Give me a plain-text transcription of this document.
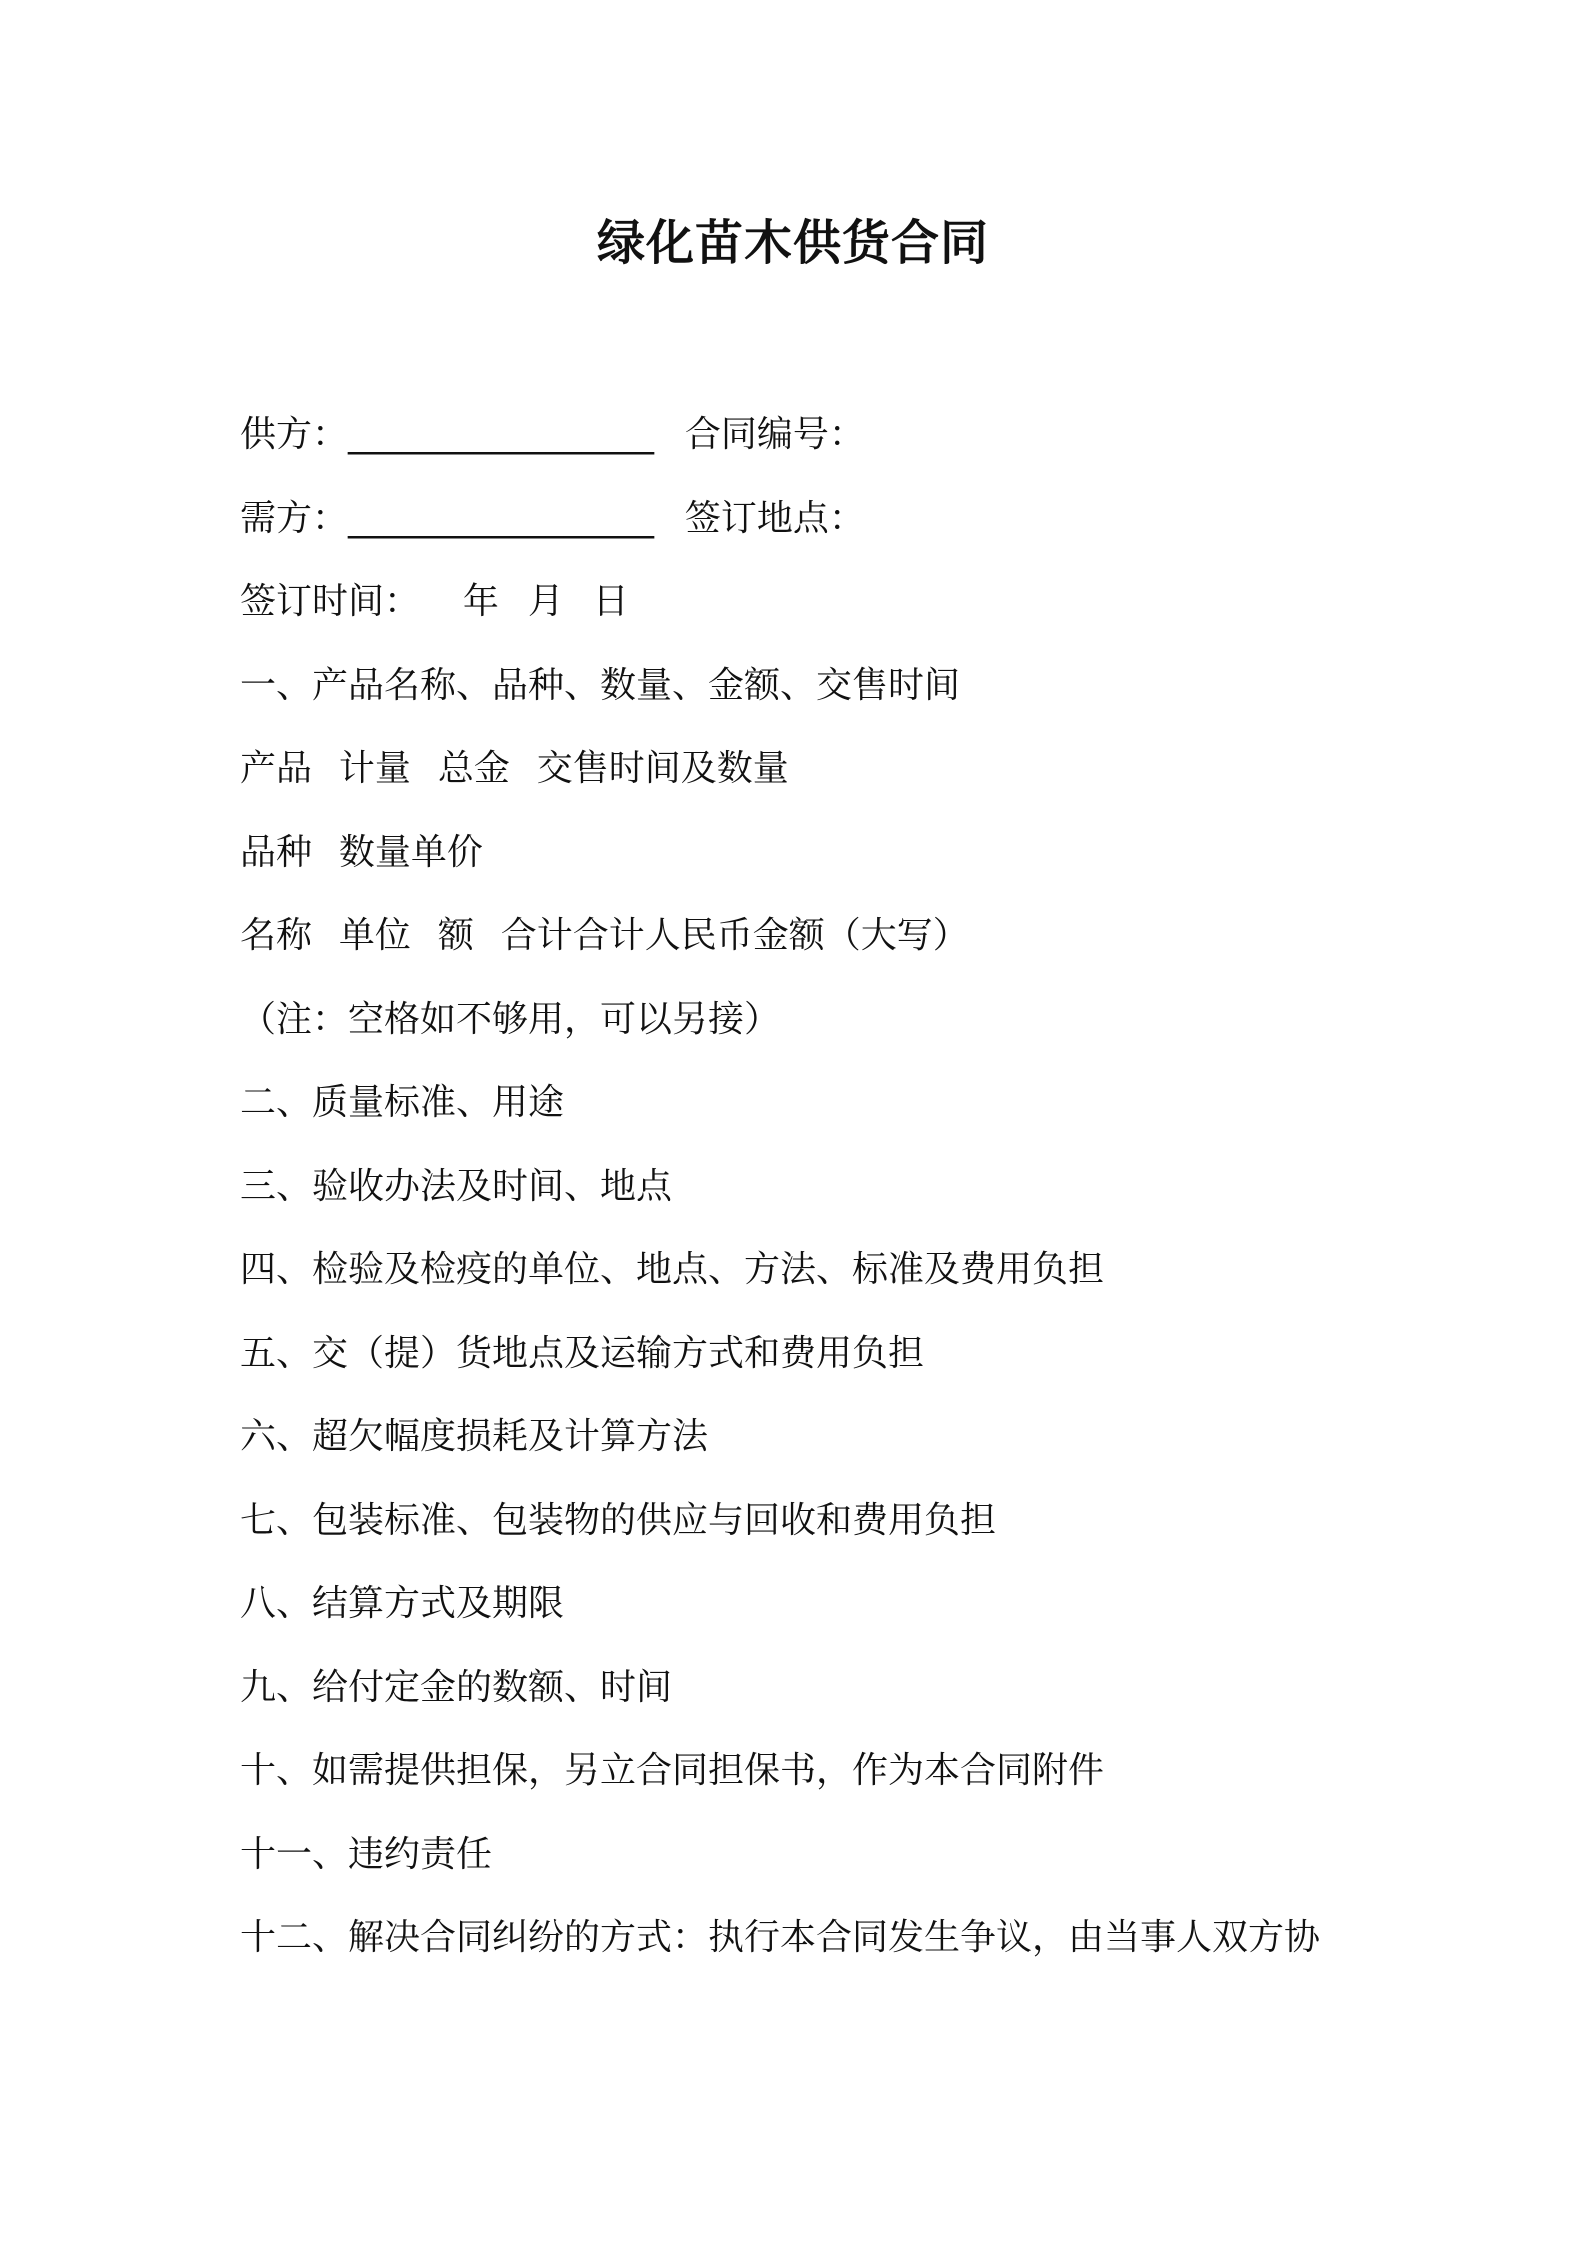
绿化苗木供货合同
供方：_________________ 合同编号：
需方：_________________ 签订地点：
签订时间： 年 月 日
一、产品名称、品种、数量、金额、交售时间
产品 计量 总金 交售时间及数量
品种 数量单价
名称 单位 额 合计合计人民币金额（大写）
（注：空格如不够用，可以另接）
二、质量标准、用途
三、验收办法及时间、地点
四、检验及检疫的单位、地点、方法、标准及费用负担
五、交（提）货地点及运输方式和费用负担
六、超欠幅度损耗及计算方法
七、包装标准、包装物的供应与回收和费用负担
八、结算方式及期限
九、给付定金的数额、时间
十、如需提供担保，另立合同担保书，作为本合同附件
十一、违约责任
十二、解决合同纠纷的方式：执行本合同发生争议，由当事人双方协
